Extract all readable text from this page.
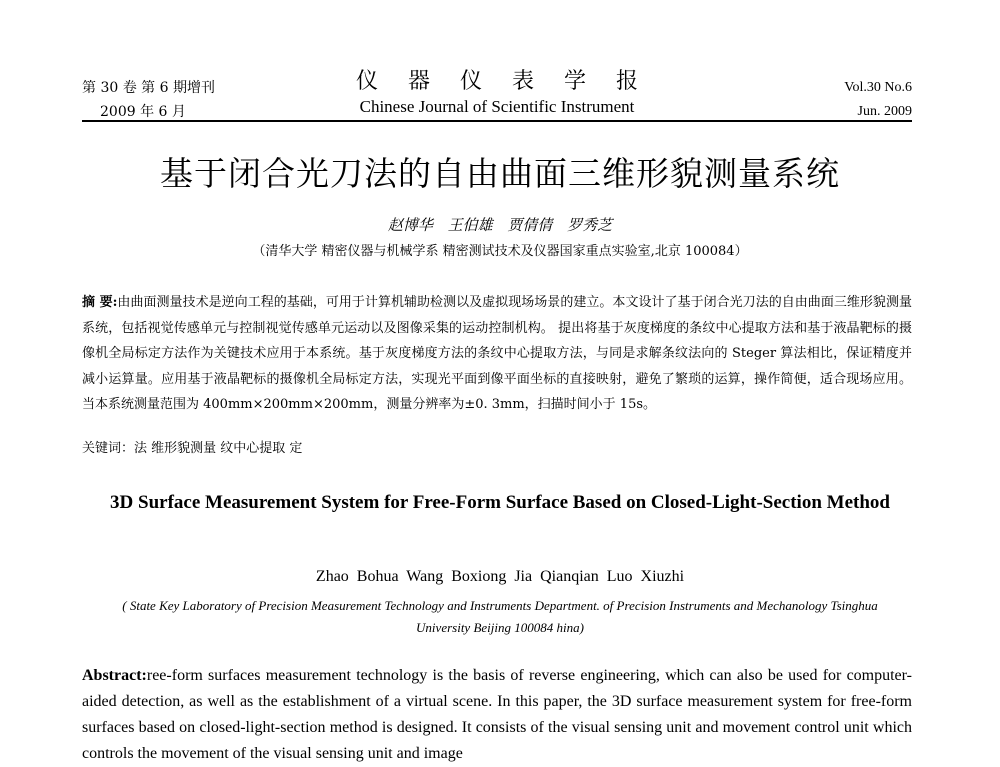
第 30 卷 第 6 期增刊
2009 年 6 月
仪器仪表学报
Chinese Journal of Scientific Instrument
Vol.30 No.6
Jun. 2009
基于闭合光刀法的自由曲面三维形貌测量系统
赵博华 王伯雄 贾倩倩 罗秀芝
（清华大学 精密仪器与机械学系 精密测试技术及仪器国家重点实验室,北京 100084）
摘 要:由曲面测量技术是逆向工程的基础，可用于计算机辅助检测以及虚拟现场场景的建立。本文设计了基于闭合光刀法的自由曲面三维形貌测量系统，包括视觉传感单元与控制视觉传感单元运动以及图像采集的运动控制机构。 提出将基于灰度梯度的条纹中心提取方法和基于液晶靶标的摄像机全局标定方法作为关键技术应用于本系统。基于灰度梯度方法的条纹中心提取方法，与同是求解条纹法向的 Steger 算法相比，保证精度并减小运算量。应用基于液晶靶标的摄像机全局标定方法，实现光平面到像平面坐标的直接映射，避免了繁琐的运算，操作简便，适合现场应用。当本系统测量范围为 400mm×200mm×200mm，测量分辨率为±0. 3mm，扫描时间小于 15s。
关键词：法 维形貌测量 纹中心提取 定
3D Surface Measurement System for Free-Form Surface Based on Closed-Light-Section Method
Zhao Bohua Wang Boxiong Jia Qianqian Luo Xiuzhi
( State Key Laboratory of Precision Measurement Technology and Instruments Department. of Precision Instruments and Mechanology Tsinghua University Beijing 100084 hina)
Abstract:ree-form surfaces measurement technology is the basis of reverse engineering, which can also be used for computer-aided detection, as well as the establishment of a virtual scene. In this paper, the 3D surface measurement system for free-form surfaces based on closed-light-section method is designed. It consists of the visual sensing unit and movement control unit which controls the movement of the visual sensing unit and image
